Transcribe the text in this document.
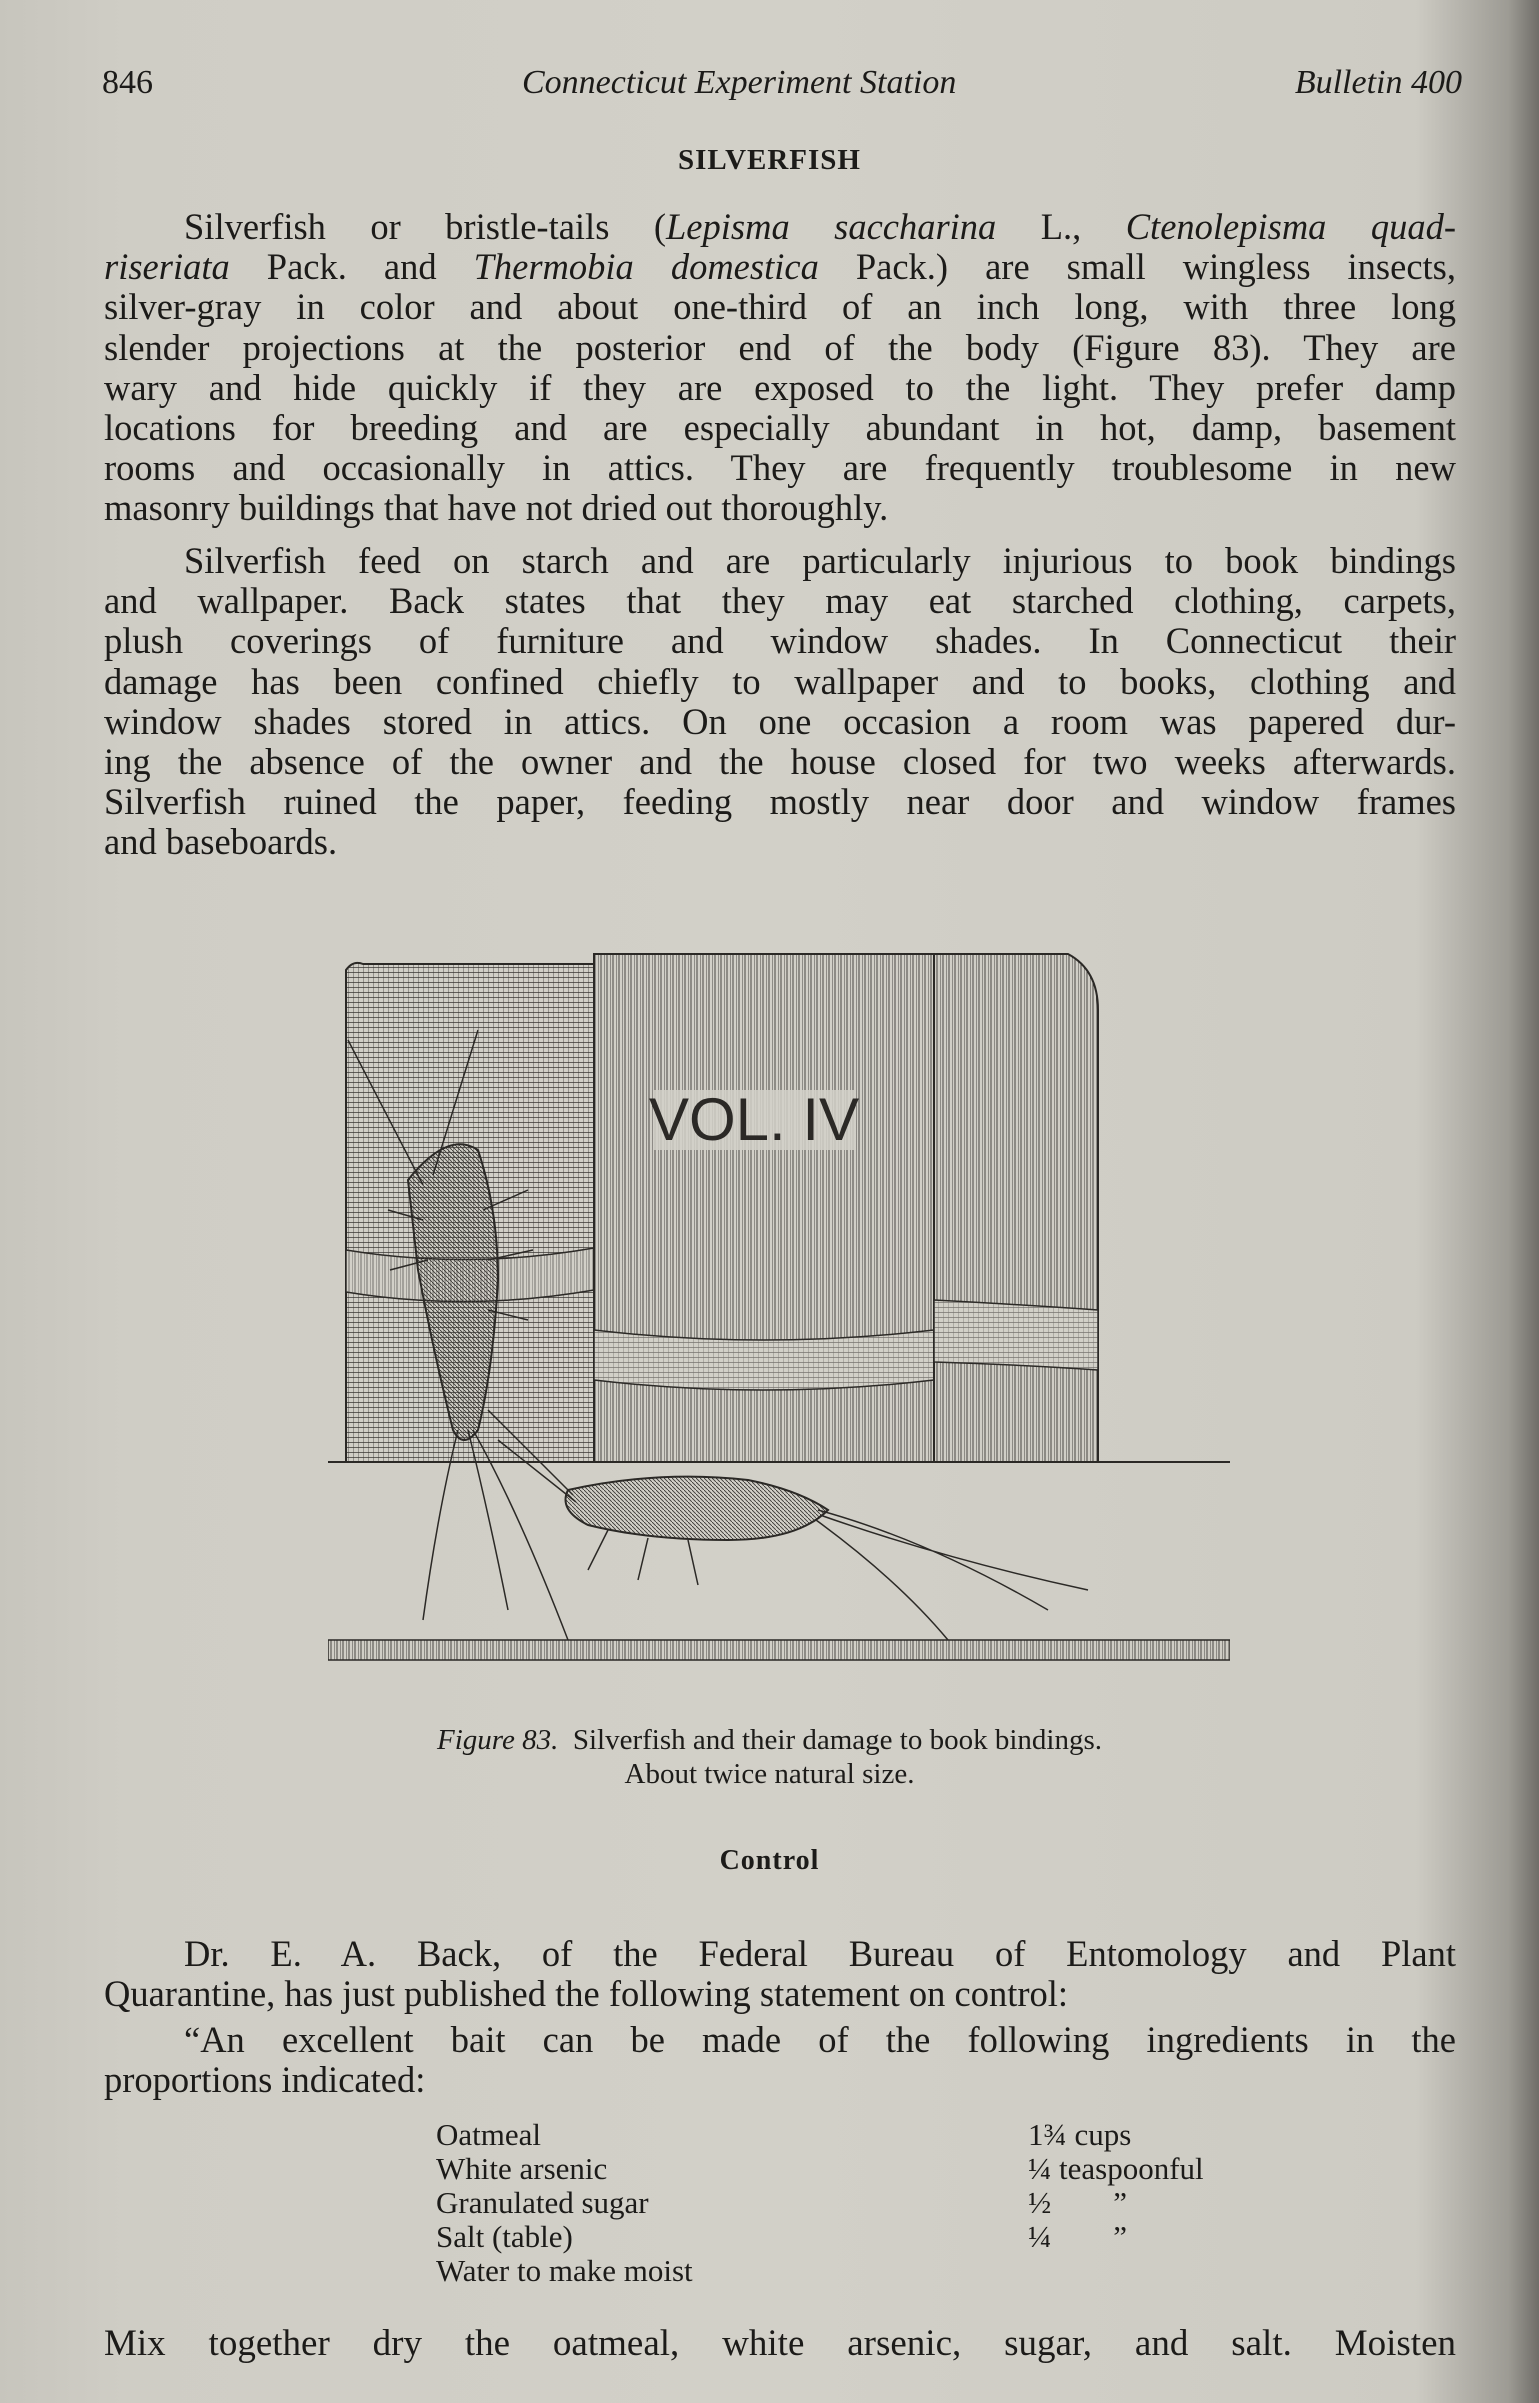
846	Connecticut Experiment Station	Bulletin 400
SILVERFISH
Silverfish or bristle-tails (Lepisma saccharina L., Ctenolepisma quad-
riseriata Pack. and Thermobia domestica Pack.) are small wingless insects,
silver-gray in color and about one-third of an inch long, with three long
slender projections at the posterior end of the body (Figure 83). They are
wary and hide quickly if they are exposed to the light. They prefer damp
locations for breeding and are especially abundant in hot, damp, basement
rooms and occasionally in attics. They are frequently troublesome in new
masonry buildings that have not dried out thoroughly.
Silverfish feed on starch and are particularly injurious to book bindings
and wallpaper. Back states that they may eat starched clothing, carpets,
plush coverings of furniture and window shades. In Connecticut their
damage has been confined chiefly to wallpaper and to books, clothing and
window shades stored in attics. On one occasion a room was papered dur-
ing the absence of the owner and the house closed for two weeks afterwards.
Silverfish ruined the paper, feeding mostly near door and window frames
and baseboards.
VOL. IV
Figure 83. Silverfish and their damage to book bindings.
About twice natural size.
Control
Dr. E. A. Back, of the Federal Bureau of Entomology and Plant
Quarantine, has just published the following statement on control:
“An excellent bait can be made of the following ingredients in the
proportions indicated:
Oatmeal	1¾ cups
White arsenic	¼ teaspoonful
Granulated sugar	½        ”
Salt (table)	¼        ”
Water to make moist
Mix together dry the oatmeal, white arsenic, sugar, and salt. Moisten
